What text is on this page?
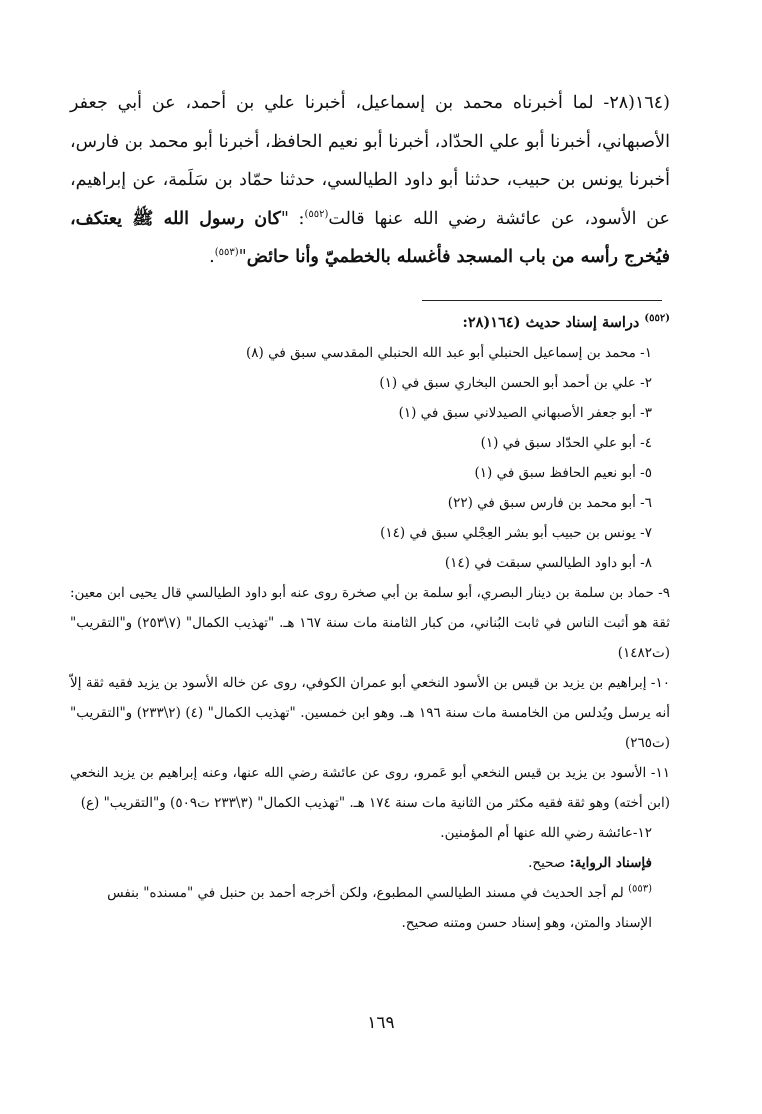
(١٦٤(٢٨- لما أخبرناه محمد بن إسماعيل، أخبرنا علي بن أحمد، عن أبي جعفر الأصبهاني، أخبرنا أبو علي الحدّاد، أخبرنا أبو نعيم الحافظ، أخبرنا أبو محمد بن فارس، أخبرنا يونس بن حبيب، حدثنا أبو داود الطيالسي، حدثنا حمّاد بن سَلَمة، عن إبراهيم، عن الأسود، عن عائشة رضي الله عنها قالت$^{(٥٥٢)}$: "كان رسول الله ﷺ يعتكف، فيُخرج رأسه من باب المسجد فأغسله بالخطميّ وأنا حائض"$^{(٥٥٣)}$.

$^{(٥٥٢)}$ دراسة إسناد حديث (١٦٤(٢٨:

١- محمد بن إسماعيل الحنبلي أبو عبد الله الحنبلي المقدسي سبق في (٨)
٢- علي بن أحمد أبو الحسن البخاري سبق في (١)
٣- أبو جعفر الأصبهاني الصيدلاني سبق في (١)
٤- أبو علي الحدّاد سبق في (١)
٥- أبو نعيم الحافظ سبق في (١)
٦- أبو محمد بن فارس سبق في (٢٢)
٧- يونس بن حبيب أبو بشر العِجْلي سبق في (١٤)
٨- أبو داود الطيالسي سبقت في (١٤)

٩- حماد بن سلمة بن دينار البصري، أبو سلمة بن أبي صخرة روى عنه أبو داود الطيالسي قال يحيى ابن معين: ثقة هو أثبت الناس في ثابت البُناني، من كبار الثامنة مات سنة ١٦٧ هـ. "تهذيب الكمال" (٧\٢٥٣) و"التقريب" (ت١٤٨٢)

١٠- إبراهيم بن يزيد بن قيس بن الأسود النخعي أبو عمران الكوفي، روى عن خاله الأسود بن يزيد فقيه ثقة إلاّ أنه يرسل ويُدلس من الخامسة مات سنة ١٩٦ هـ. وهو ابن خمسين. "تهذيب الكمال" (٤) (٢\٢٣٣) و"التقريب" (ت٢٦٥)

١١- الأسود بن يزيد بن قيس النخعي أبو عَمرو، روى عن عائشة رضي الله عنها، وعنه إبراهيم بن يزيد النخعي (ابن أخته) وهو ثقة فقيه مكثر من الثانية مات سنة ١٧٤ هـ. "تهذيب الكمال" (٣\٢٣٣ ت٥٠٩) و"التقريب" (ع)

١٢-عائشة رضي الله عنها أم المؤمنين.

فإسناد الرواية: صحيح.

$^{(٥٥٣)}$ لم أجد الحديث في مسند الطيالسي المطبوع، ولكن أخرجه أحمد بن حنبل في "مسنده" بنفس الإسناد والمتن، وهو إسناد حسن ومتنه صحيح.

١٦٩
